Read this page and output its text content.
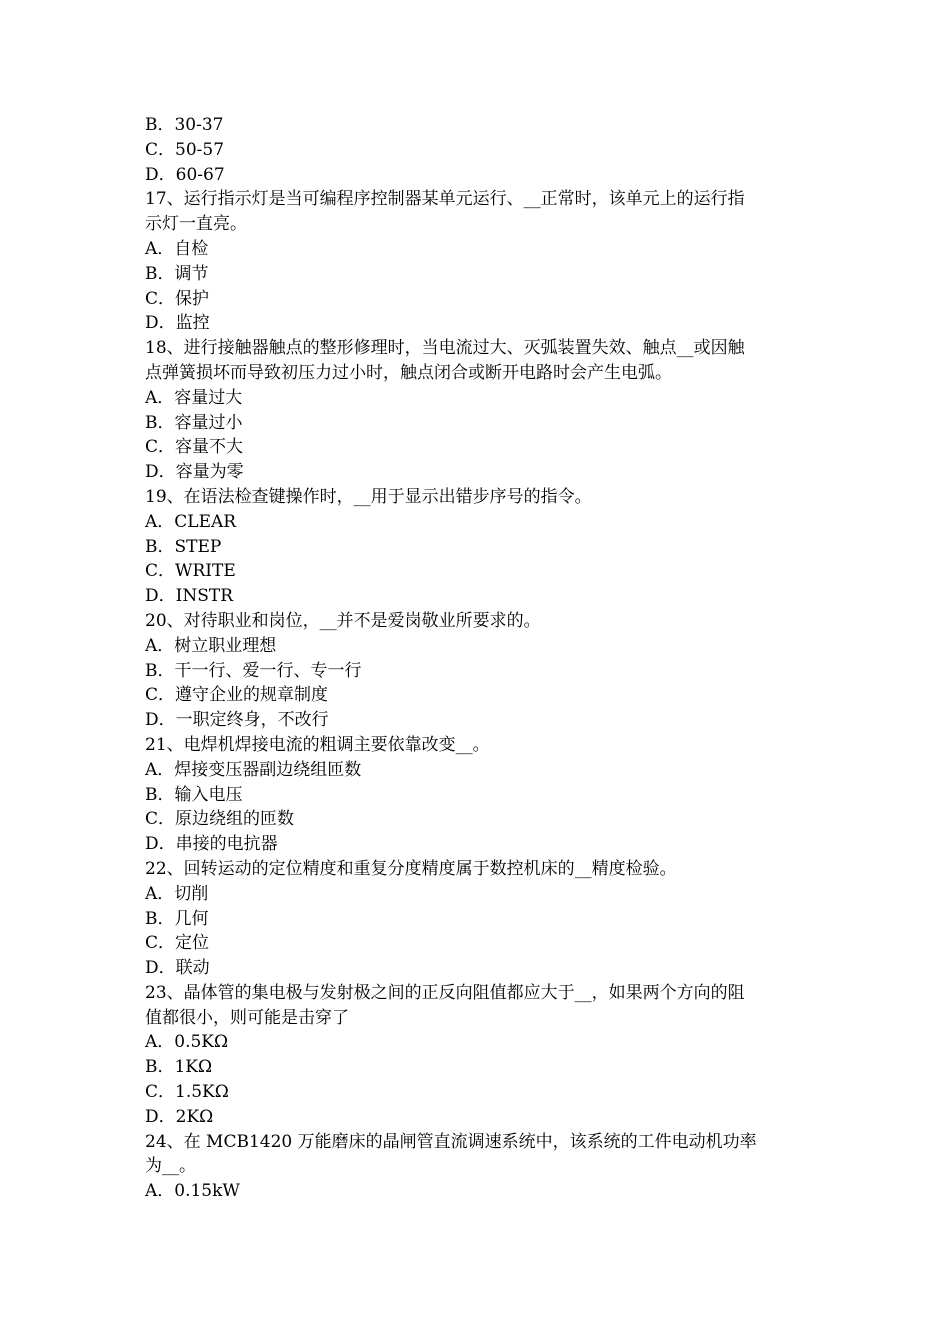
B．30-37
C．50-57
D．60-67
17、运行指示灯是当可编程序控制器某单元运行、__正常时，该单元上的运行指
示灯一直亮。
A．自检
B．调节
C．保护
D．监控
18、进行接触器触点的整形修理时，当电流过大、灭弧装置失效、触点__或因触
点弹簧损坏而导致初压力过小时，触点闭合或断开电路时会产生电弧。
A．容量过大
B．容量过小
C．容量不大
D．容量为零
19、在语法检查键操作时，__用于显示出错步序号的指令。
A．CLEAR
B．STEP
C．WRITE
D．INSTR
20、对待职业和岗位，__并不是爱岗敬业所要求的。
A．树立职业理想
B．干一行、爱一行、专一行
C．遵守企业的规章制度
D．一职定终身，不改行
21、电焊机焊接电流的粗调主要依靠改变__。
A．焊接变压器副边绕组匝数
B．输入电压
C．原边绕组的匝数
D．串接的电抗器
22、回转运动的定位精度和重复分度精度属于数控机床的__精度检验。
A．切削
B．几何
C．定位
D．联动
23、晶体管的集电极与发射极之间的正反向阻值都应大于__，如果两个方向的阻
值都很小，则可能是击穿了
A．0.5KΩ
B．1KΩ
C．1.5KΩ
D．2KΩ
24、在 MCB1420 万能磨床的晶闸管直流调速系统中，该系统的工件电动机功率
为__。
A．0.15kW
